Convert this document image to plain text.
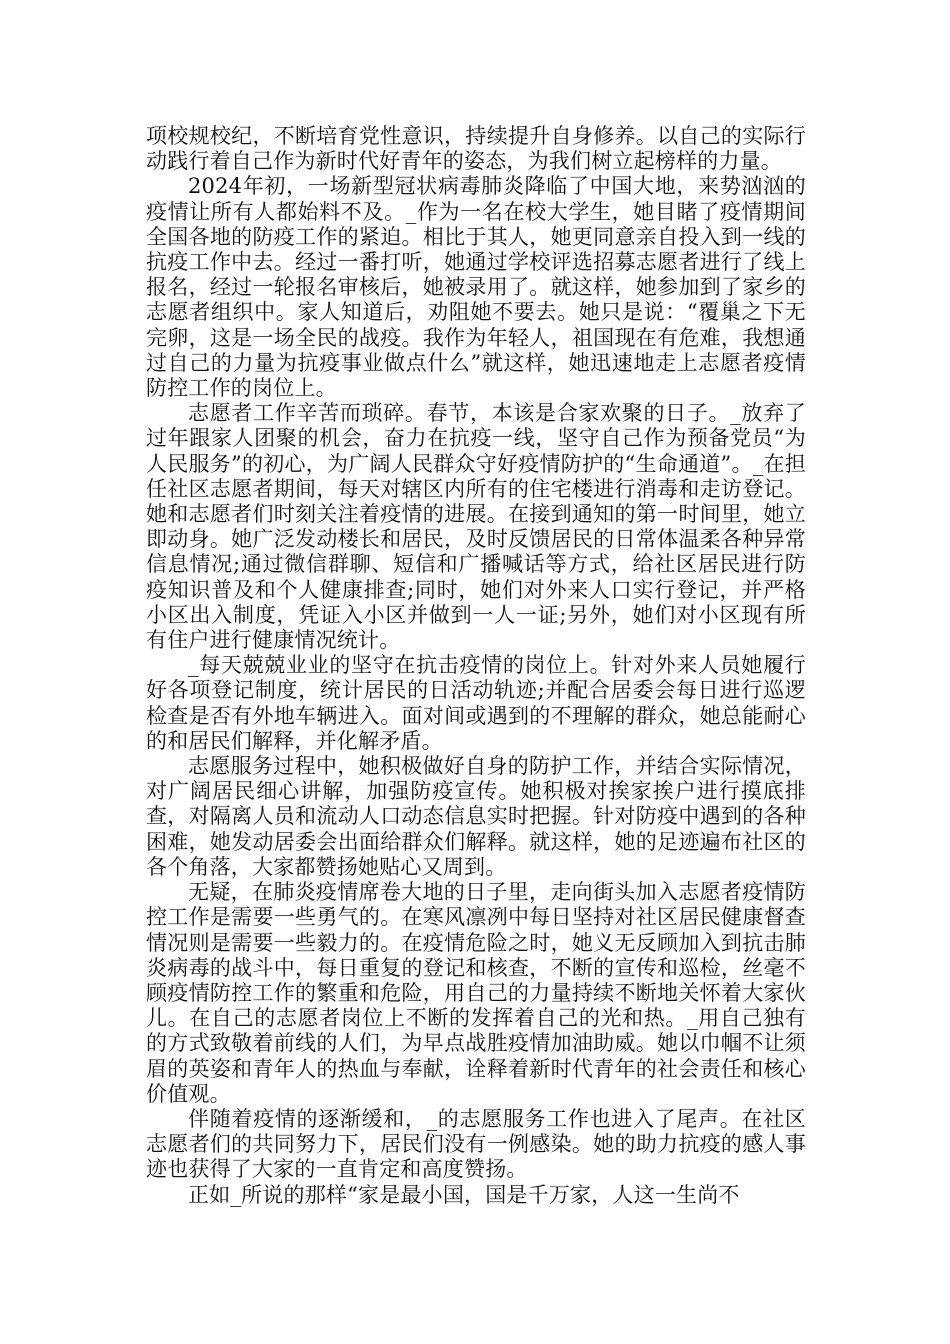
项校规校纪，不断培育党性意识，持续提升自身修养。以自己的实际行动践行着自己作为新时代好青年的姿态，为我们树立起榜样的力量。

2024年初，一场新型冠状病毒肺炎降临了中国大地，来势汹汹的疫情让所有人都始料不及。_作为一名在校大学生，她目睹了疫情期间全国各地的防疫工作的紧迫。相比于其人，她更同意亲自投入到一线的抗疫工作中去。经过一番打听，她通过学校评选招募志愿者进行了线上报名，经过一轮报名审核后，她被录用了。就这样，她参加到了家乡的志愿者组织中。家人知道后，劝阻她不要去。她只是说：“覆巢之下无完卵，这是一场全民的战疫。我作为年轻人，祖国现在有危难，我想通过自己的力量为抗疫事业做点什么”就这样，她迅速地走上志愿者疫情防控工作的岗位上。

志愿者工作辛苦而琐碎。春节，本该是合家欢聚的日子。_放弃了过年跟家人团聚的机会，奋力在抗疫一线，坚守自己作为预备党员“为人民服务”的初心，为广阔人民群众守好疫情防护的“生命通道”。_在担任社区志愿者期间，每天对辖区内所有的住宅楼进行消毒和走访登记。她和志愿者们时刻关注着疫情的进展。在接到通知的第一时间里，她立即动身。她广泛发动楼长和居民，及时反馈居民的日常体温柔各种异常信息情况;通过微信群聊、短信和广播喊话等方式，给社区居民进行防疫知识普及和个人健康排查;同时，她们对外来人口实行登记，并严格小区出入制度，凭证入小区并做到一人一证;另外，她们对小区现有所有住户进行健康情况统计。

_每天兢兢业业的坚守在抗击疫情的岗位上。针对外来人员她履行好各项登记制度，统计居民的日活动轨迹;并配合居委会每日进行巡逻检查是否有外地车辆进入。面对间或遇到的不理解的群众，她总能耐心的和居民们解释，并化解矛盾。

志愿服务过程中，她积极做好自身的防护工作，并结合实际情况，对广阔居民细心讲解，加强防疫宣传。她积极对挨家挨户进行摸底排查，对隔离人员和流动人口动态信息实时把握。针对防疫中遇到的各种困难，她发动居委会出面给群众们解释。就这样，她的足迹遍布社区的各个角落，大家都赞扬她贴心又周到。

无疑，在肺炎疫情席卷大地的日子里，走向街头加入志愿者疫情防控工作是需要一些勇气的。在寒风凛冽中每日坚持对社区居民健康督查情况则是需要一些毅力的。在疫情危险之时，她义无反顾加入到抗击肺炎病毒的战斗中，每日重复的登记和核查，不断的宣传和巡检，丝毫不顾疫情防控工作的繁重和危险，用自己的力量持续不断地关怀着大家伙儿。在自己的志愿者岗位上不断的发挥着自己的光和热。_用自己独有的方式致敬着前线的人们，为早点战胜疫情加油助威。她以巾帼不让须眉的英姿和青年人的热血与奉献，诠释着新时代青年的社会责任和核心价值观。

伴随着疫情的逐渐缓和，_的志愿服务工作也进入了尾声。在社区志愿者们的共同努力下，居民们没有一例感染。她的助力抗疫的感人事迹也获得了大家的一直肯定和高度赞扬。

正如_所说的那样“家是最小国，国是千万家，人这一生尚不
